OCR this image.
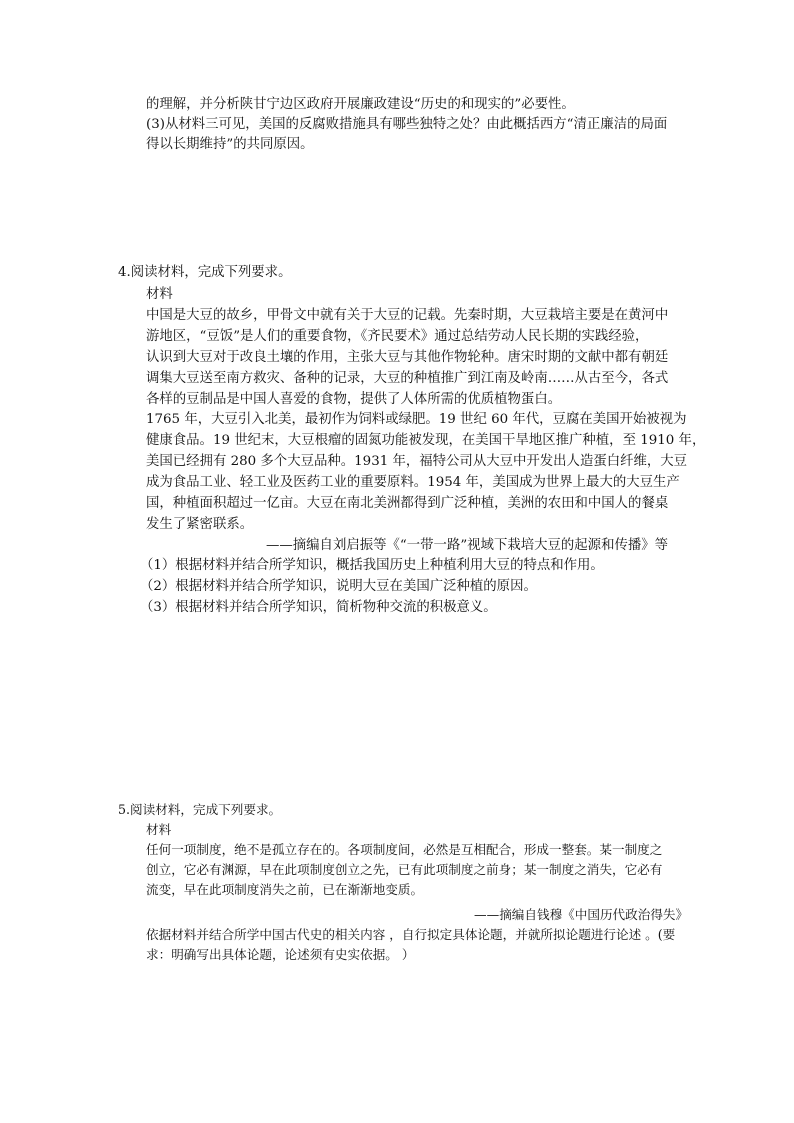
的理解，并分析陕甘宁边区政府开展廉政建设“历史的和现实的”必要性。
(3)从材料三可见，美国的反腐败措施具有哪些独特之处？由此概括西方“清正廉洁的局面
得以长期维持”的共同原因。
4.阅读材料，完成下列要求。
材料
中国是大豆的故乡，甲骨文中就有关于大豆的记载。先秦时期，大豆栽培主要是在黄河中
游地区，“豆饭”是人们的重要食物，《齐民要术》通过总结劳动人民长期的实践经验，
认识到大豆对于改良土壤的作用，主张大豆与其他作物轮种。唐宋时期的文献中都有朝廷
调集大豆送至南方救灾、备种的记录，大豆的种植推广到江南及岭南……从古至今，各式
各样的豆制品是中国人喜爱的食物，提供了人体所需的优质植物蛋白。
1765 年，大豆引入北美，最初作为饲料或绿肥。19 世纪 60 年代，豆腐在美国开始被视为
健康食品。19 世纪末，大豆根瘤的固氮功能被发现，在美国干旱地区推广种植，至 1910 年，
美国已经拥有 280 多个大豆品种。1931 年，福特公司从大豆中开发出人造蛋白纤维，大豆
成为食品工业、轻工业及医药工业的重要原料。1954 年，美国成为世界上最大的大豆生产
国，种植面积超过一亿亩。大豆在南北美洲都得到广泛种植，美洲的农田和中国人的餐桌
发生了紧密联系。
——摘编自刘启振等《“一带一路”视域下栽培大豆的起源和传播》等
（1）根据材料并结合所学知识，概括我国历史上种植利用大豆的特点和作用。
（2）根据材料并结合所学知识，说明大豆在美国广泛种植的原因。
（3）根据材料并结合所学知识，简析物种交流的积极意义。
5.阅读材料，完成下列要求。
材料
任何一项制度，绝不是孤立存在的。各项制度间，必然是互相配合，形成一整套。某一制度之
创立，它必有渊源，早在此项制度创立之先，已有此项制度之前身；某一制度之消失，它必有
流变，早在此项制度消失之前，已在渐渐地变质。
——摘编自钱穆《中国历代政治得失》
依据材料并结合所学中国古代史的相关内容 ，自行拟定具体论题，并就所拟论题进行论述 。(要
求：明确写出具体论题，论述须有史实依据。 ）
